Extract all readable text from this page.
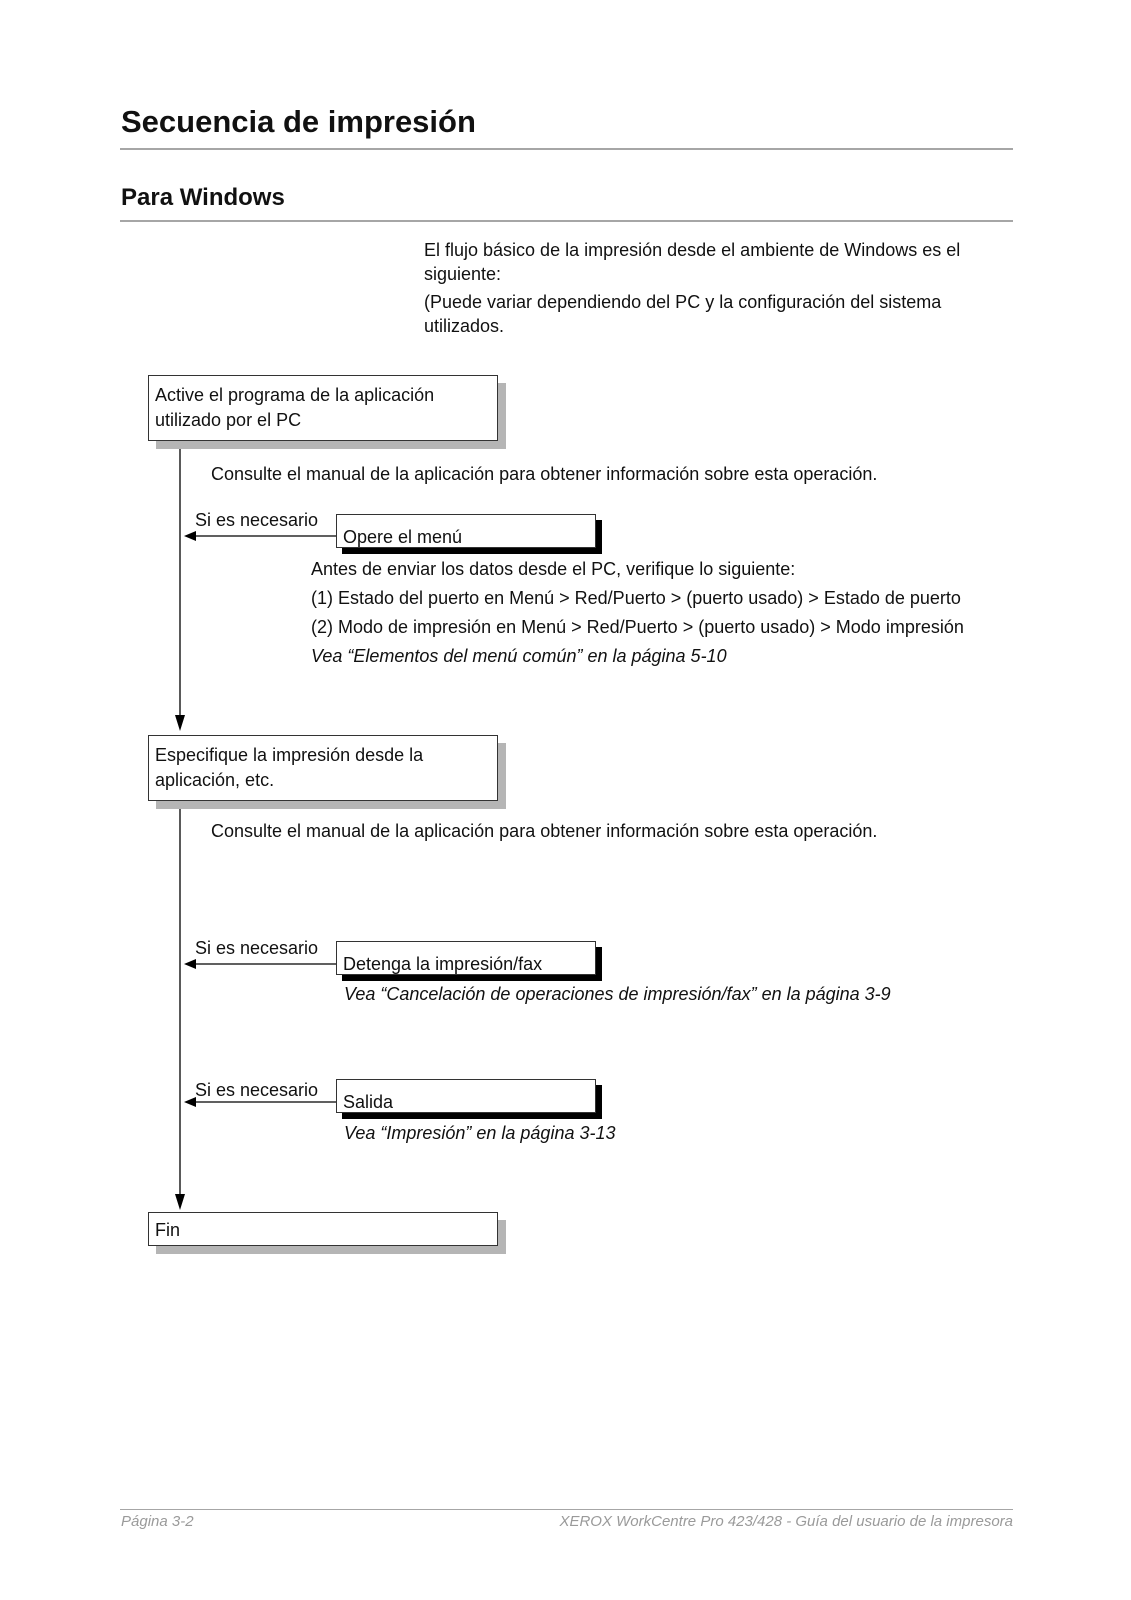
Secuencia de impresión
Para Windows
El flujo básico de la impresión desde el ambiente de Windows es el
siguiente:
(Puede variar dependiendo del PC y la configuración del sistema
utilizados.
Active el programa de la aplicación
utilizado por el PC
Consulte el manual de la aplicación para obtener información sobre esta operación.
Si es necesario
Opere el menú
Antes de enviar los datos desde el PC, verifique lo siguiente:
(1) Estado del puerto en Menú > Red/Puerto > (puerto usado) > Estado de puerto
(2) Modo de impresión en Menú > Red/Puerto > (puerto usado) > Modo impresión
Vea “Elementos del menú común” en la página 5-10
Especifique la impresión desde la
aplicación, etc.
Consulte el manual de la aplicación para obtener información sobre esta operación.
Si es necesario
Detenga la impresión/fax
Vea “Cancelación de operaciones de impresión/fax” en la página 3-9
Si es necesario
Salida
Vea “Impresión” en la página 3-13
Fin
Página 3-2	XEROX WorkCentre Pro 423/428 - Guía del usuario de la impresora
